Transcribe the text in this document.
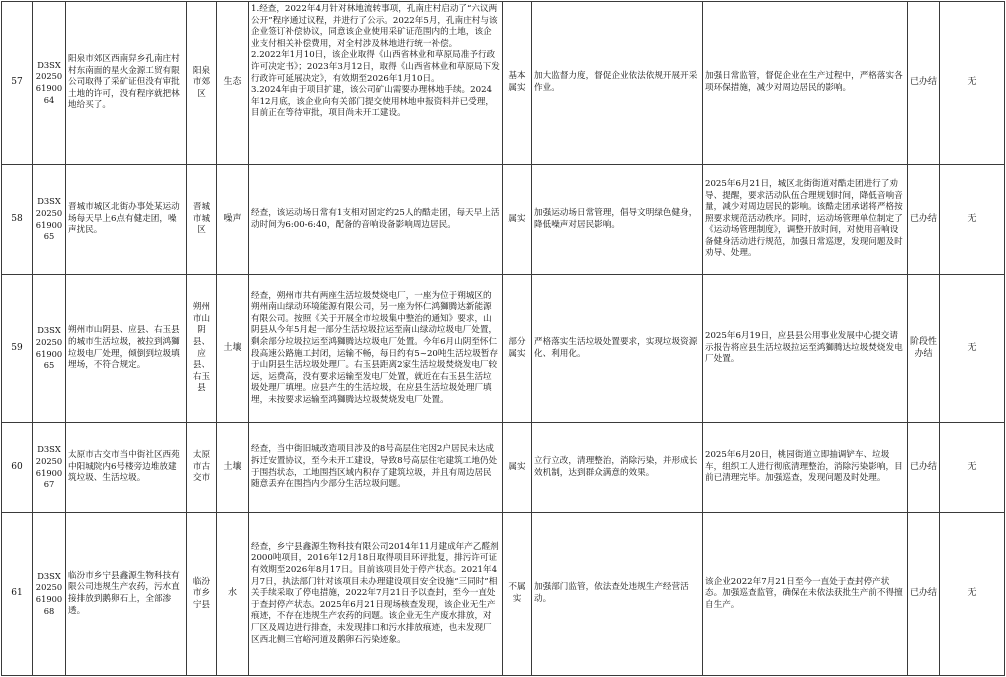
57	D3SX2025061900 64	阳泉市郊区西南舁乡孔南庄村村东南面的星火金源工贸有限公司取得了采矿证但没有审批土地的许可，没有程序就把林地给买了。	阳泉市郊区	生态	1.经查，2022年4月针对林地流转事项，孔南庄村启动了“六议两公开”程序通过议程，并进行了公示。2022年5月，孔南庄村与该企业签订补偿协议，同意该企业使用采矿证范围内的土地，该企业支付相关补偿费用，对全村涉及林地进行统一补偿。
2.2022年1月10日，该企业取得《山西省林业和草原局准予行政许可决定书》；2023年3月12日，取得《山西省林业和草原局下发行政许可延展决定》，有效期至2026年1月10日。
3.2024年由于项目扩建，该公司矿山需要办理林地手续。2024年12月底，该企业向有关部门提交使用林地申报资料并已受理，目前正在等待审批，项目尚未开工建设。	基本属实	加大监督力度，督促企业依法依规开展开采作业。	加强日常监管，督促企业在生产过程中，严格落实各项环保措施，减少对周边居民的影响。	已办结	无
58	D3SX2025061900 65	晋城市城区北街办事处某运动场每天早上6点有健走团，噪声扰民。	晋城市城区	噪声	经查，该运动场日常有1支相对固定约25人的酷走团，每天早上活动时间为6:00-6:40，配备的音响设备影响周边居民。	属实	加强运动场日常管理，倡导文明绿色健身，降低噪声对居民影响。	2025年6月21日，城区北街街道对酷走团进行了劝导、提醒，要求活动队伍合理规划时间，降低音响音量，减少对周边居民的影响。该酷走团承诺将严格按照要求规范活动秩序。同时，运动场管理单位制定了《运动场管理制度》，调整开放时间，对使用音响设备健身活动进行规范，加强日常巡逻，发现问题及时劝导、处理。	已办结	无
59	D3SX2025061900 65	朔州市山阴县、应县、右玉县的城市生活垃圾，被拉到鸿獅垃圾电厂处理，倾倒到垃圾填埋场，不符合规定。	朔州市山阴县、应县、右玉县	土壤	经查，朔州市共有两座生活垃圾焚烧电厂，一座为位于朔城区的朔州南山绿动环境能源有限公司，另一座为怀仁鸿獅腾达新能源有限公司。按照《关于开展全市垃圾集中整治的通知》要求，山阴县从今年5月起一部分生活垃圾拉运至南山绿动垃圾电厂处置，剩余部分垃圾拉运至鸿獅腾达垃圾电厂处置。今年6月山阴至怀仁段高速公路施工封闭，运输不畅，每日约有5~20吨生活垃圾暂存于山阴县生活垃圾处理厂。右玉县距离2家生活垃圾焚烧发电厂较远，运费高，没有要求运输至发电厂处置，就近在右玉县生活垃圾处理厂填埋。应县产生的生活垃圾，在应县生活垃圾处理厂填埋，未按要求运输至鸿獅腾达垃圾焚烧发电厂处置。	部分属实	严格落实生活垃圾处置要求，实现垃圾资源化、利用化。	2025年6月19日，应县县公用事业发展中心提交请示报告将应县生活垃圾拉运至鸿獅腾达垃圾焚烧发电厂处置。	阶段性办结	无
60	D3SX2025061900 67	太原市古交市当中街社区西苑中阳城院内6号楼旁边堆放建筑垃圾、生活垃圾。	太原市古交市	土壤	经查，当中街旧城改造项目涉及的8号高层住宅因2户居民未达成拆迁安置协议，至今未开工建设，导致8号高层住宅建筑工地仍处于围挡状态，工地围挡区域内积存了建筑垃圾，并且有周边居民随意丢弃在围挡内少部分生活垃圾问题。	属实	立行立改，清理整治，消除污染，并形成长效机制，达到群众满意的效果。	2025年6月20日，桃园街道立即抽调铲车、垃圾车，组织工人进行彻底清理整治，消除污染影响，目前已清理完毕。加强巡查，发现问题及时处理。	已办结	无
61	D3SX2025061900 68	临汾市乡宁县鑫源生物科技有限公司违规生产农药，污水直接排放到鹅卵石上，全部渗透。	临汾市乡宁县	水	经查，乡宁县鑫源生物科技有限公司2014年11月建成年产乙醛剂2000吨项目，2016年12月18日取得项目环评批复，排污许可证有效期至2026年8月17日。目前该项目处于停产状态。2021年4月7日，执法部门针对该项目未办理建设项目安全设施“三同时”相关手续采取了停电措施，2022年7月21日予以查封，至今一直处于查封停产状态。2025年6月21日现场核查发现，该企业无生产痕迹，不存在违规生产农药的问题。该企业无生产废水排放，对厂区及周边进行排查，未发现排口和污水排放痕迹，也未发现厂区西北侧三官峪河道及鹅卵石污染迹象。	不属实	加强部门监管，依法查处违规生产经营活动。	该企业2022年7月21日至今一直处于查封停产状态。加强巡查监管，确保在未依法获批生产前不得擅自生产。	已办结	无
